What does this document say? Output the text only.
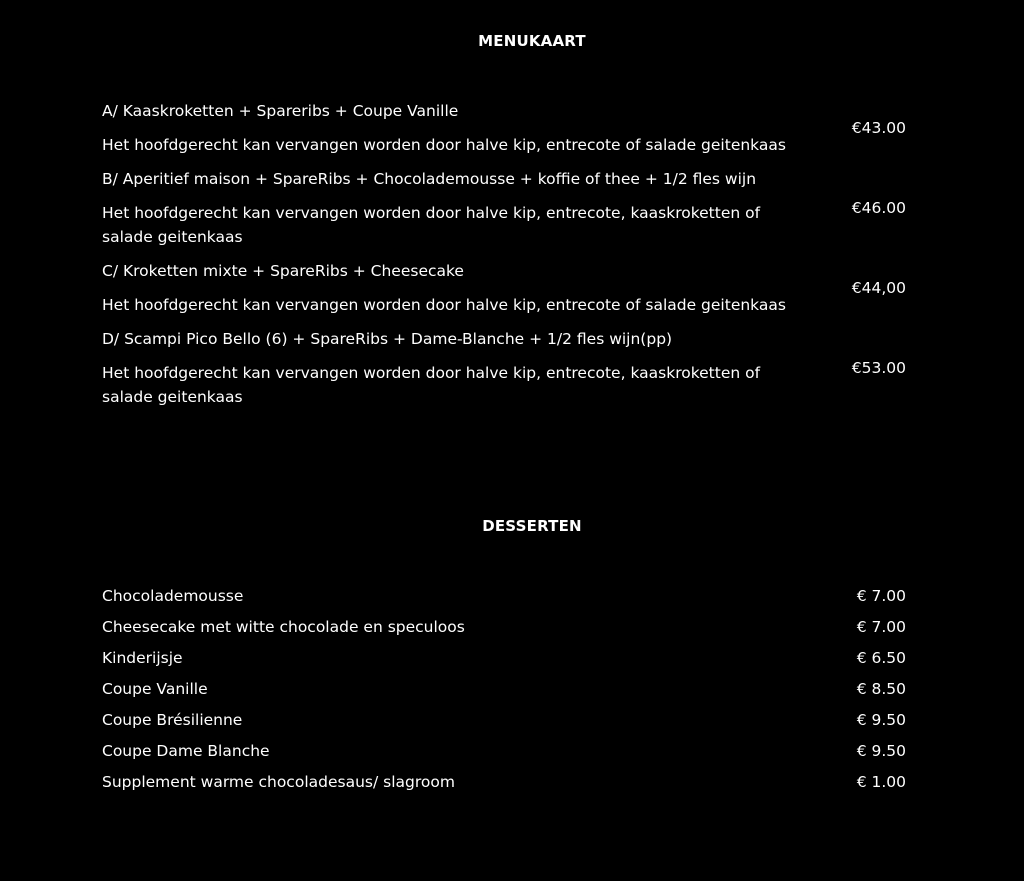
MENUKAART
A/ Kaaskroketten + Spareribs + Coupe Vanille
Het hoofdgerecht kan vervangen worden door halve kip, entrecote of salade geitenkaas
€43.00
B/ Aperitief maison + SpareRibs + Chocolademousse + koffie of thee + 1/2 fles wijn
Het hoofdgerecht kan vervangen worden door halve kip, entrecote, kaaskroketten of salade geitenkaas
€46.00
C/ Kroketten mixte + SpareRibs + Cheesecake
Het hoofdgerecht kan vervangen worden door halve kip, entrecote of salade geitenkaas
€44,00
D/ Scampi Pico Bello (6) + SpareRibs + Dame-Blanche + 1/2 fles wijn(pp)
Het hoofdgerecht kan vervangen worden door halve kip, entrecote, kaaskroketten of salade geitenkaas
€53.00
DESSERTEN
Chocolademousse	€ 7.00
Cheesecake met witte chocolade en speculoos	€ 7.00
Kinderijsje	€ 6.50
Coupe Vanille	€ 8.50
Coupe Brésilienne	€ 9.50
Coupe Dame Blanche	€ 9.50
Supplement warme chocoladesaus/ slagroom	€ 1.00
